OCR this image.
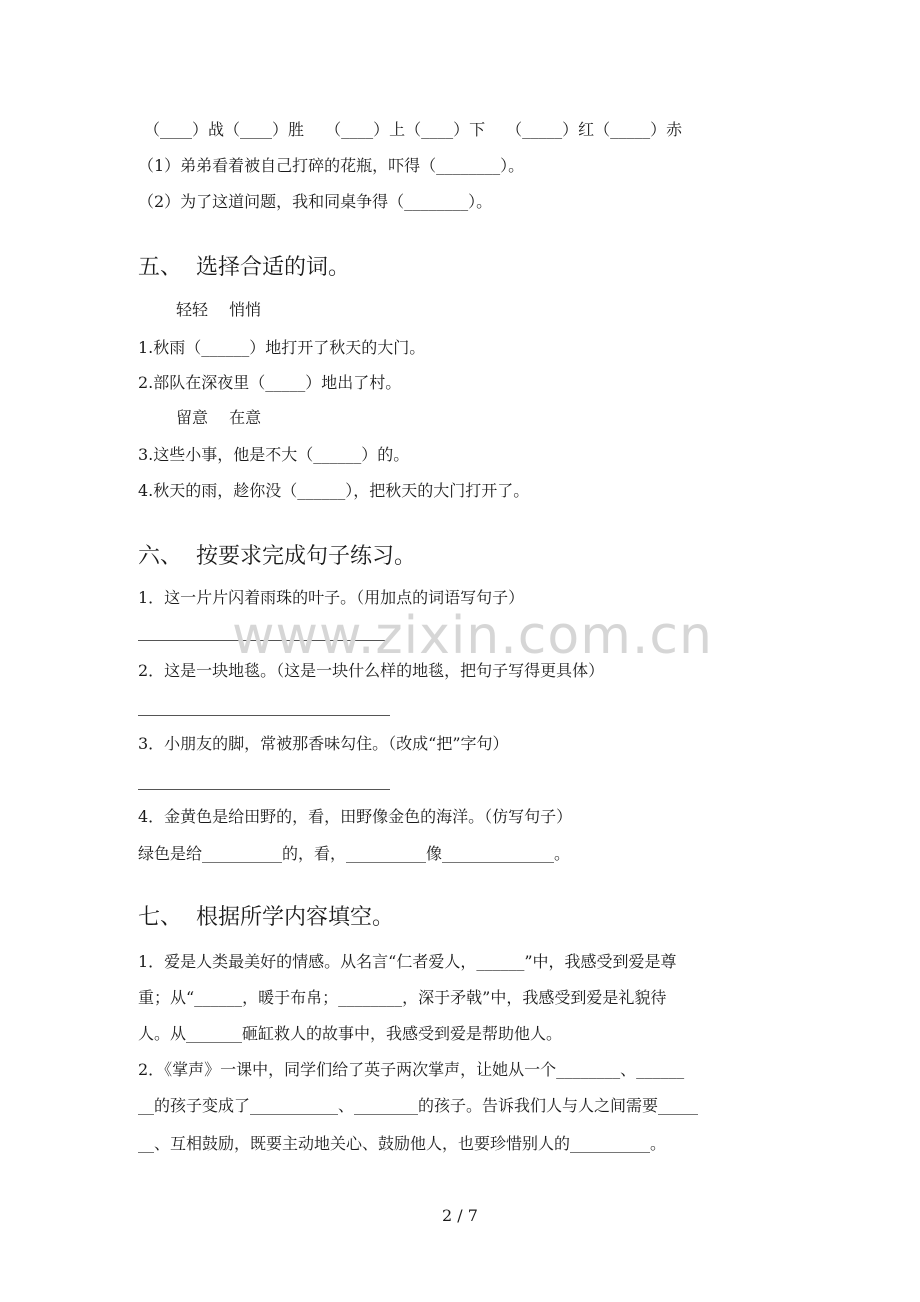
（____）战（____）胜　 （____）上（____）下　 （_____）红（_____）赤
（1）弟弟看着被自己打碎的花瓶，吓得（________）。
（2）为了这道问题，我和同桌争得（________）。
五、  选择合适的词。
轻轻　 悄悄
1.秋雨（______）地打开了秋天的大门。
2.部队在深夜里（_____）地出了村。
留意　 在意
3.这些小事，他是不大（______）的。
4.秋天的雨，趁你没（______），把秋天的大门打开了。
六、  按要求完成句子练习。
1．这一片片闪着雨珠的叶子。（用加点的词语写句子）
2．这是一块地毯。（这是一块什么样的地毯，把句子写得更具体）
3．小朋友的脚，常被那香味勾住。（改成“把”字句）
4．金黄色是给田野的，看，田野像金色的海洋。（仿写句子）
绿色是给__________的，看，__________像______________。
七、  根据所学内容填空。
1．爱是人类最美好的情感。从名言“仁者爱人，______”中，我感受到爱是尊
重；从“______，暖于布帛；________，深于矛戟”中，我感受到爱是礼貌待
人。从_______砸缸救人的故事中，我感受到爱是帮助他人。
2．《掌声》一课中，同学们给了英子两次掌声，让她从一个________、______
__的孩子变成了___________、________的孩子。告诉我们人与人之间需要_____
__、互相鼓励，既要主动地关心、鼓励他人，也要珍惜别人的__________。
www.zixin.com.cn
2 / 7
